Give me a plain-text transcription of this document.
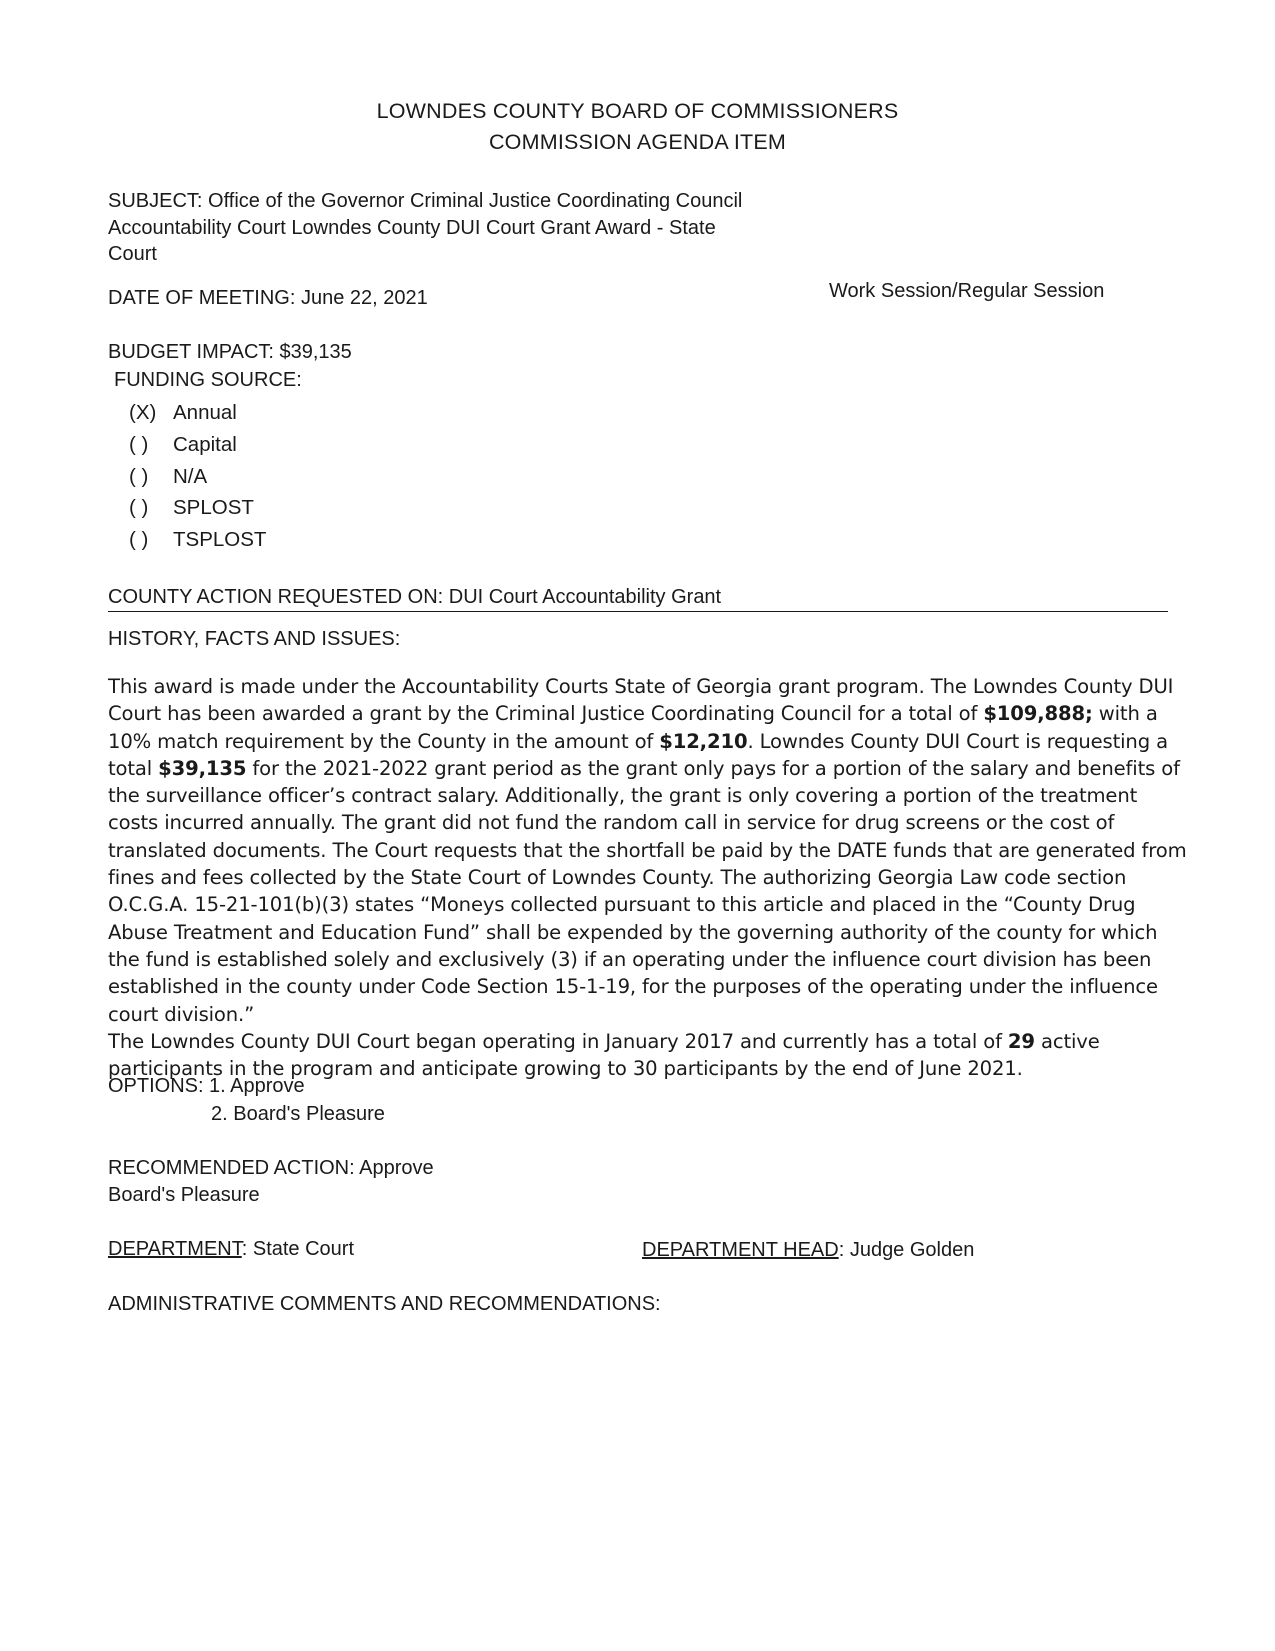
LOWNDES COUNTY BOARD OF COMMISSIONERS
COMMISSION AGENDA ITEM
SUBJECT: Office of the Governor Criminal Justice Coordinating Council
Accountability Court Lowndes County DUI Court Grant Award - State
Court
DATE OF MEETING: June 22, 2021	Work Session/Regular Session
BUDGET IMPACT: $39,135
FUNDING SOURCE:
(X) Annual
( ) Capital
( ) N/A
( ) SPLOST
( ) TSPLOST
COUNTY ACTION REQUESTED ON: DUI Court Accountability Grant
HISTORY, FACTS AND ISSUES:
This award is made under the Accountability Courts State of Georgia grant program. The Lowndes County DUI Court has been awarded a grant by the Criminal Justice Coordinating Council for a total of $109,888; with a 10% match requirement by the County in the amount of $12,210. Lowndes County DUI Court is requesting a total $39,135 for the 2021-2022 grant period as the grant only pays for a portion of the salary and benefits of the surveillance officer’s contract salary. Additionally, the grant is only covering a portion of the treatment costs incurred annually. The grant did not fund the random call in service for drug screens or the cost of translated documents. The Court requests that the shortfall be paid by the DATE funds that are generated from fines and fees collected by the State Court of Lowndes County. The authorizing Georgia Law code section O.C.G.A. 15-21-101(b)(3) states “Moneys collected pursuant to this article and placed in the “County Drug Abuse Treatment and Education Fund” shall be expended by the governing authority of the county for which the fund is established solely and exclusively (3) if an operating under the influence court division has been established in the county under Code Section 15-1-19, for the purposes of the operating under the influence court division.”
The Lowndes County DUI Court began operating in January 2017 and currently has a total of 29 active participants in the program and anticipate growing to 30 participants by the end of June 2021.
OPTIONS: 1. Approve
2. Board's Pleasure
RECOMMENDED ACTION: Approve
Board's Pleasure
DEPARTMENT: State Court	DEPARTMENT HEAD: Judge Golden
ADMINISTRATIVE COMMENTS AND RECOMMENDATIONS:
